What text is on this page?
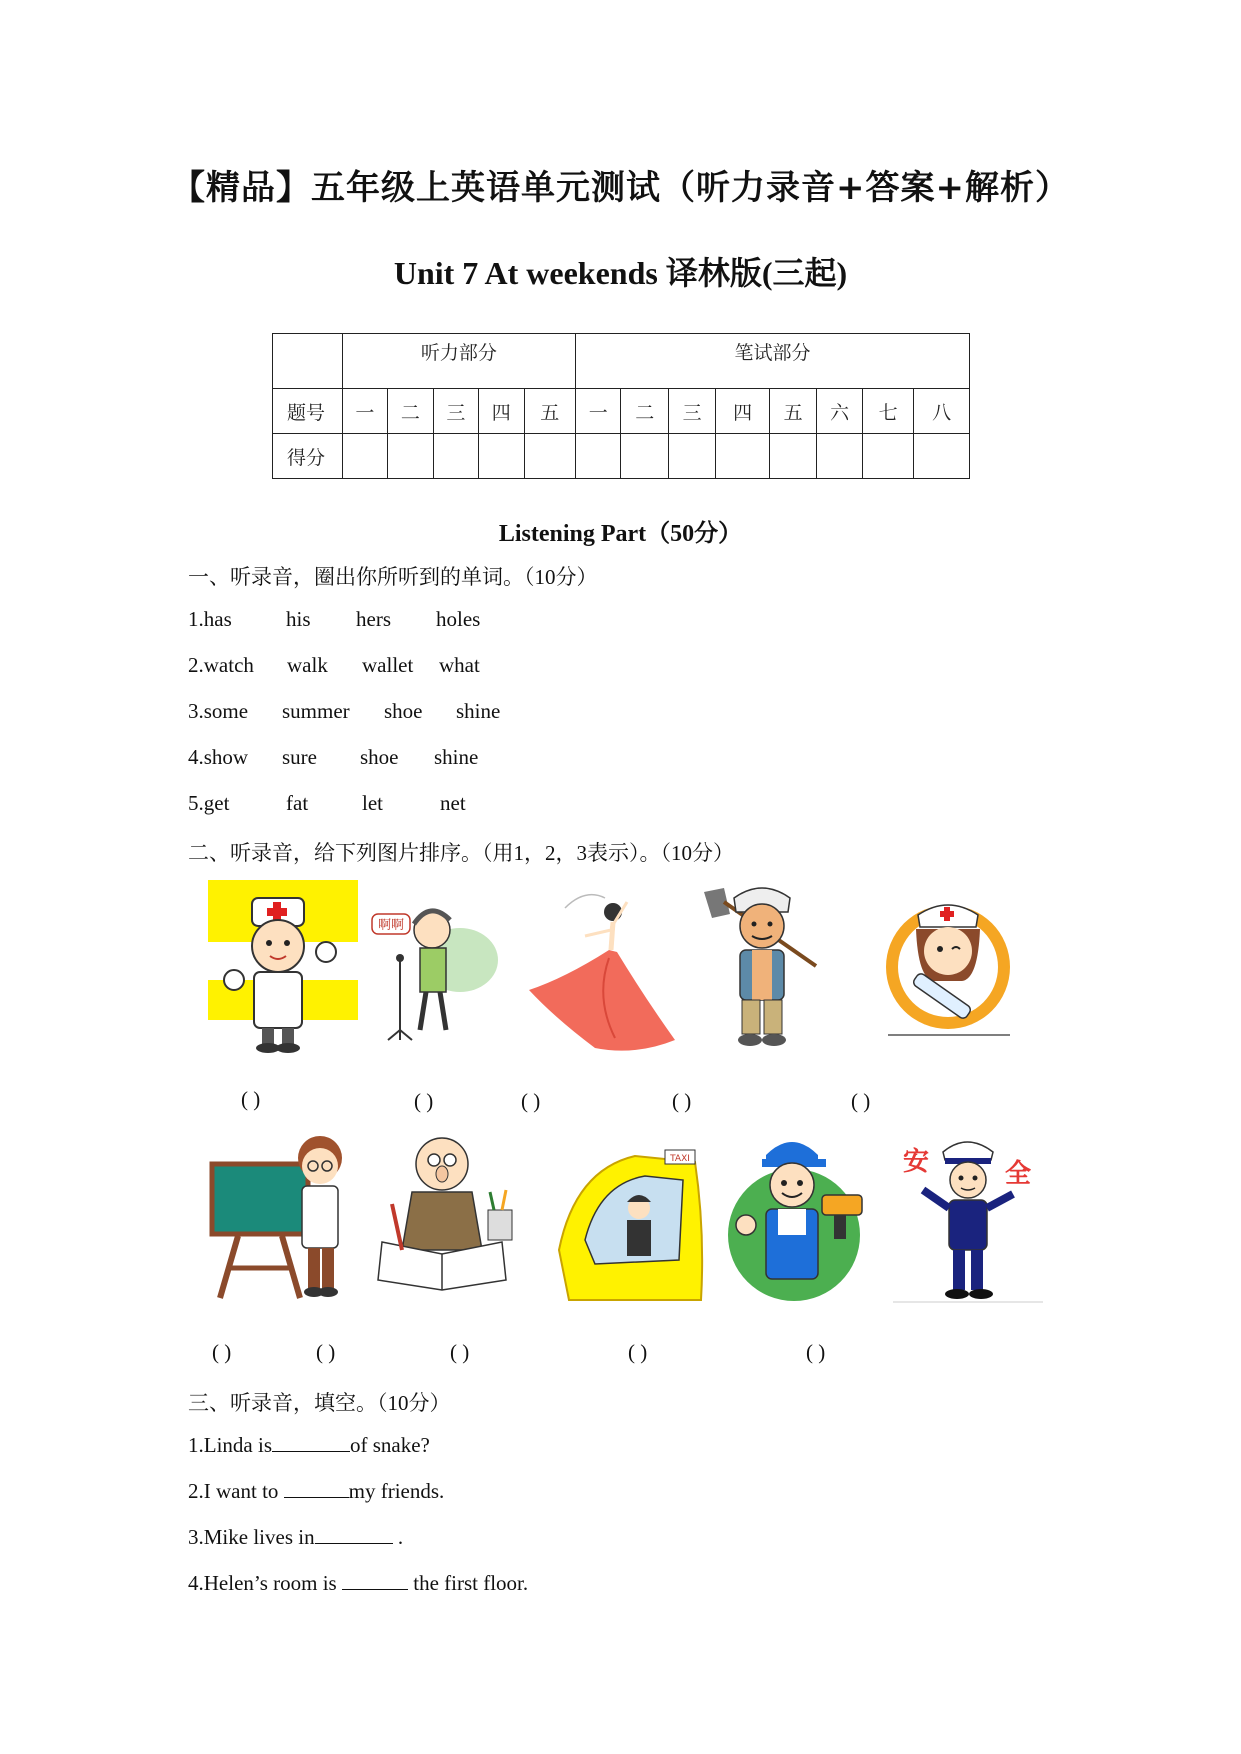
【精品】五年级上英语单元测试（听力录音+答案+解析）
Unit 7 At weekends 译林版(三起)
	听力部分					笔试部分							
题号	一	二	三	四	五	一	二	三	四	五	六	七	八
得分													
Listening Part（50分）
一、听录音，圈出你所听到的单词。（10分）
1.has	his hers holes
2.watch walk wallet what
3.some summer shoe shine
4.show sure shoe shine
5.get	fat	let	net
二、听录音，给下列图片排序。（用1，2，3表示）。（10分）
啊啊
( )	( )	( )	( )	( )
TAXI	安	全
( )	( )	( )	( )	( )
三、听录音，填空。（10分）
1.Linda is	of snake?
2.I want to	my friends.
3.Mike lives in	.
4.Helen’s room is	the first floor.
